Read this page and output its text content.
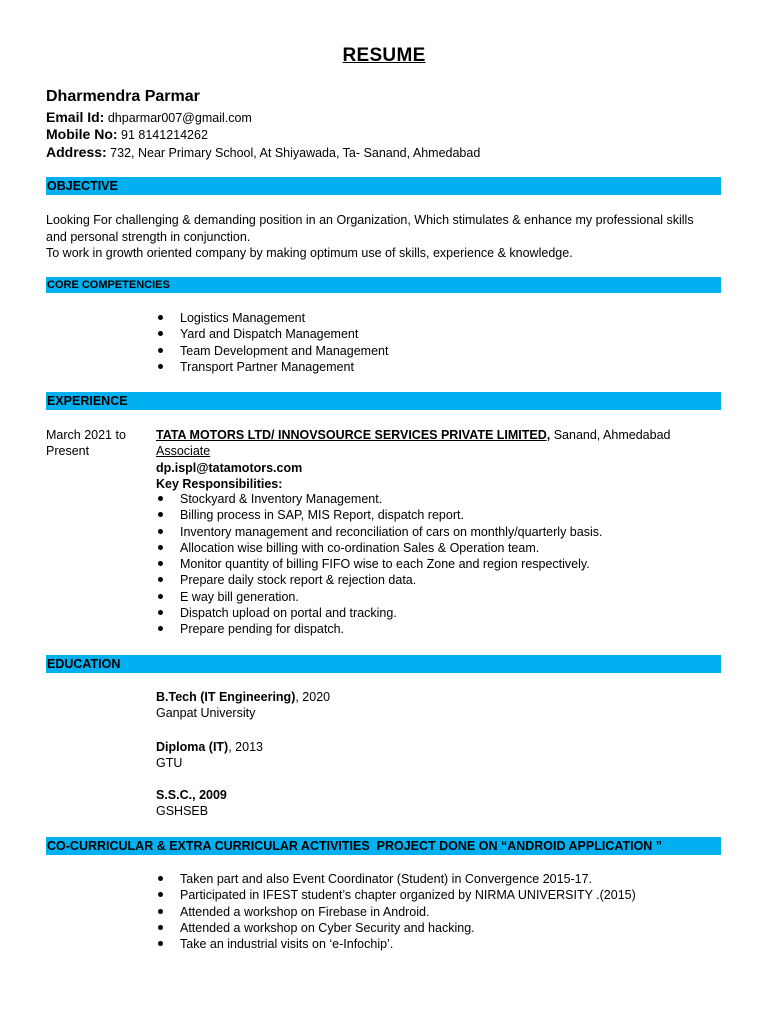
RESUME
Dharmendra Parmar
Email Id: dhparmar007@gmail.com
Mobile No: 91 8141214262
Address: 732, Near Primary School, At Shiyawada, Ta- Sanand, Ahmedabad
OBJECTIVE
Looking For challenging & demanding position in an Organization, Which stimulates & enhance my professional skills
and personal strength in conjunction.
To work in growth oriented company by making optimum use of skills, experience & knowledge.
CORE COMPETENCIES
Logistics Management
Yard and Dispatch Management
Team Development and Management
Transport Partner Management
EXPERIENCE
March 2021 to
Present
TATA MOTORS LTD/ INNOVSOURCE SERVICES PRIVATE LIMITED, Sanand, Ahmedabad
Associate
dp.ispl@tatamotors.com
Key Responsibilities:
Stockyard & Inventory Management.
Billing process in SAP, MIS Report, dispatch report.
Inventory management and reconciliation of cars on monthly/quarterly basis.
Allocation wise billing with co-ordination Sales & Operation team.
Monitor quantity of billing FIFO wise to each Zone and region respectively.
Prepare daily stock report & rejection data.
E way bill generation.
Dispatch upload on portal and tracking.
Prepare pending for dispatch.
EDUCATION
B.Tech (IT Engineering), 2020
Ganpat University
Diploma (IT), 2013
GTU
S.S.C., 2009
GSHSEB
CO-CURRICULAR & EXTRA CURRICULAR ACTIVITIES  PROJECT DONE ON “ANDROID APPLICATION ”
Taken part and also Event Coordinator (Student) in Convergence 2015-17.
Participated in IFEST student’s chapter organized by NIRMA UNIVERSITY .(2015)
Attended a workshop on Firebase in Android.
Attended a workshop on Cyber Security and hacking.
Take an industrial visits on ‘e-Infochip’.
